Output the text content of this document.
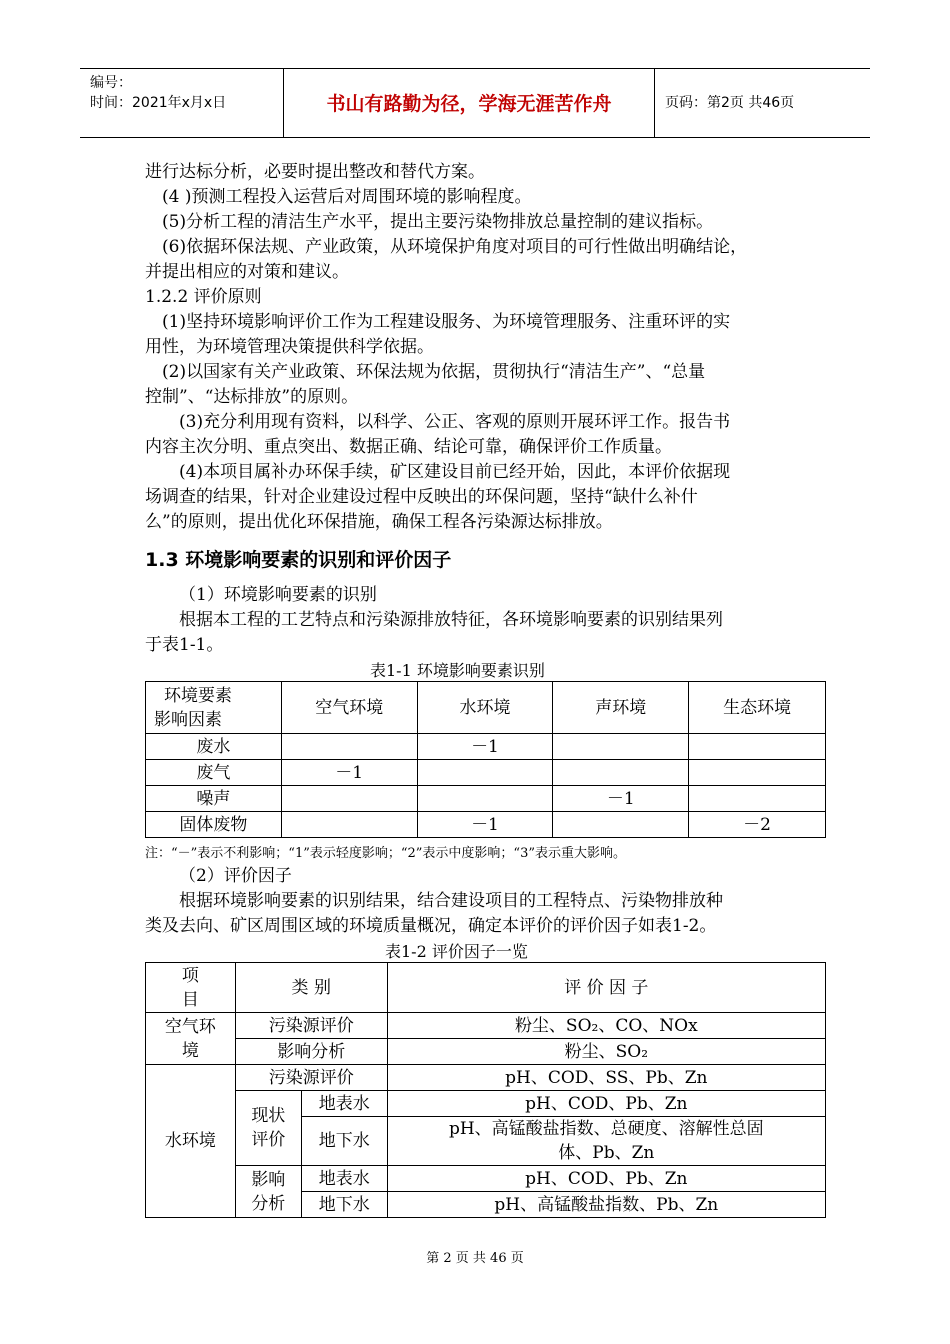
编号：
时间：2021年x月x日	书山有路勤为径，学海无涯苦作舟	页码：第2页 共46页
进行达标分析，必要时提出整改和替代方案。
(4 )预测工程投入运营后对周围环境的影响程度。
(5)分析工程的清洁生产水平，提出主要污染物排放总量控制的建议指标。
(6)依据环保法规、产业政策，从环境保护角度对项目的可行性做出明确结论，
并提出相应的对策和建议。
1.2.2 评价原则
(1)坚持环境影响评价工作为工程建设服务、为环境管理服务、注重环评的实
用性，为环境管理决策提供科学依据。
(2)以国家有关产业政策、环保法规为依据，贯彻执行“清洁生产”、“总量
控制”、“达标排放”的原则。
(3)充分利用现有资料，以科学、公正、客观的原则开展环评工作。报告书
内容主次分明、重点突出、数据正确、结论可靠，确保评价工作质量。
(4)本项目属补办环保手续，矿区建设目前已经开始，因此，本评价依据现
场调查的结果，针对企业建设过程中反映出的环保问题，坚持“缺什么补什
么”的原则，提出优化环保措施，确保工程各污染源达标排放。
1.3 环境影响要素的识别和评价因子
（1）环境影响要素的识别
根据本工程的工艺特点和污染源排放特征，各环境影响要素的识别结果列
于表1-1。
表1-1 环境影响要素识别
环境要素
影响因素	空气环境	水环境	声环境	生态环境
废水		－1		
废气	－1			
噪声			－1	
固体废物		－1		－2
注：“－”表示不利影响；“1”表示轻度影响；“2”表示中度影响；“3”表示重大影响。
（2）评价因子
根据环境影响要素的识别结果，结合建设项目的工程特点、污染物排放种
类及去向、矿区周围区域的环境质量概况，确定本评价的评价因子如表1-2。
表1-2 评价因子一览
项
目	类 别		评 价 因 子

空气环
境	污染源评价		粉尘、SO₂、CO、NOx
	影响分析		粉尘、SO₂
水环境	污染源评价		pH、COD、SS、Pb、Zn

	现状
评价	地表水	pH、COD、Pb、Zn
		地下水	pH、高锰酸盐指数、总硬度、溶解性总固
体、Pb、Zn

	影响
分析	地表水	pH、COD、Pb、Zn
		地下水	pH、高锰酸盐指数、Pb、Zn
第 2 页 共 46 页
